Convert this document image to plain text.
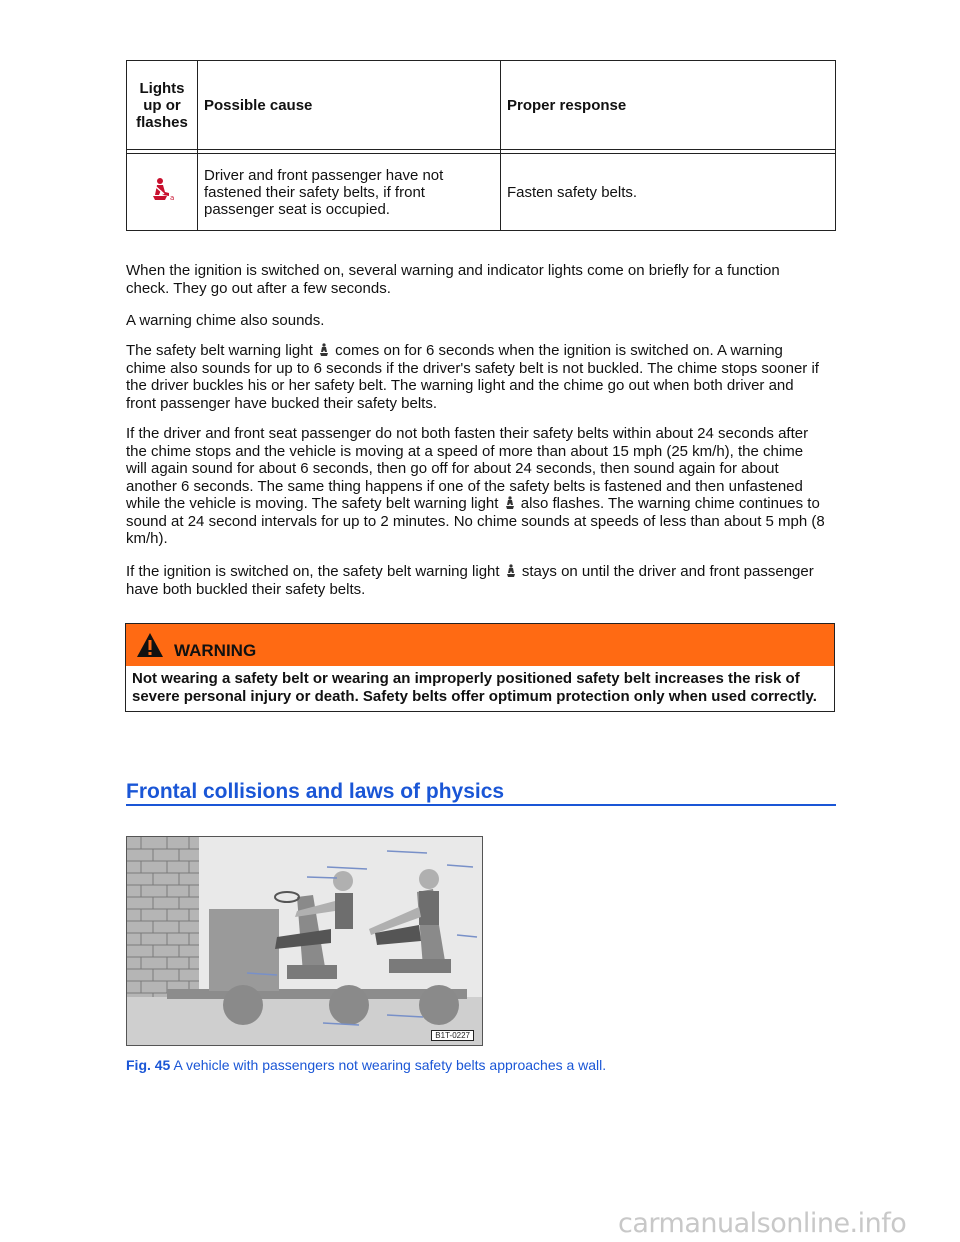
Lights up or flashes	Possible cause	Proper response

a	Driver and front passenger have not fastened their safety belts, if front passenger seat is occupied.	Fasten safety belts.

When the ignition is switched on, several warning and indicator lights come on briefly for a function check. They go out after a few seconds.

A warning chime also sounds.

The safety belt warning light comes on for 6 seconds when the ignition is switched on. A warning chime also sounds for up to 6 seconds if the driver's safety belt is not buckled. The chime stops sooner if the driver buckles his or her safety belt. The warning light and the chime go out when both driver and front passenger have bucked their safety belts.

If the driver and front seat passenger do not both fasten their safety belts within about 24 seconds after the chime stops and the vehicle is moving at a speed of more than about 15 mph (25 km/h), the chime will again sound for about 6 seconds, then go off for about 24 seconds, then sound again for about another 6 seconds. The same thing happens if one of the safety belts is fastened and then unfastened while the vehicle is moving. The safety belt warning light also flashes. The warning chime continues to sound at 24 second intervals for up to 2 minutes. No chime sounds at speeds of less than about 5 mph (8 km/h).

If the ignition is switched on, the safety belt warning light stays on until the driver and front passenger have both buckled their safety belts.

WARNING
Not wearing a safety belt or wearing an improperly positioned safety belt increases the risk of severe personal injury or death. Safety belts offer optimum protection only when used correctly.
Frontal collisions and laws of physics
B1T-0227
Fig. 45 A vehicle with passengers not wearing safety belts approaches a wall.
carmanualsonline.info
